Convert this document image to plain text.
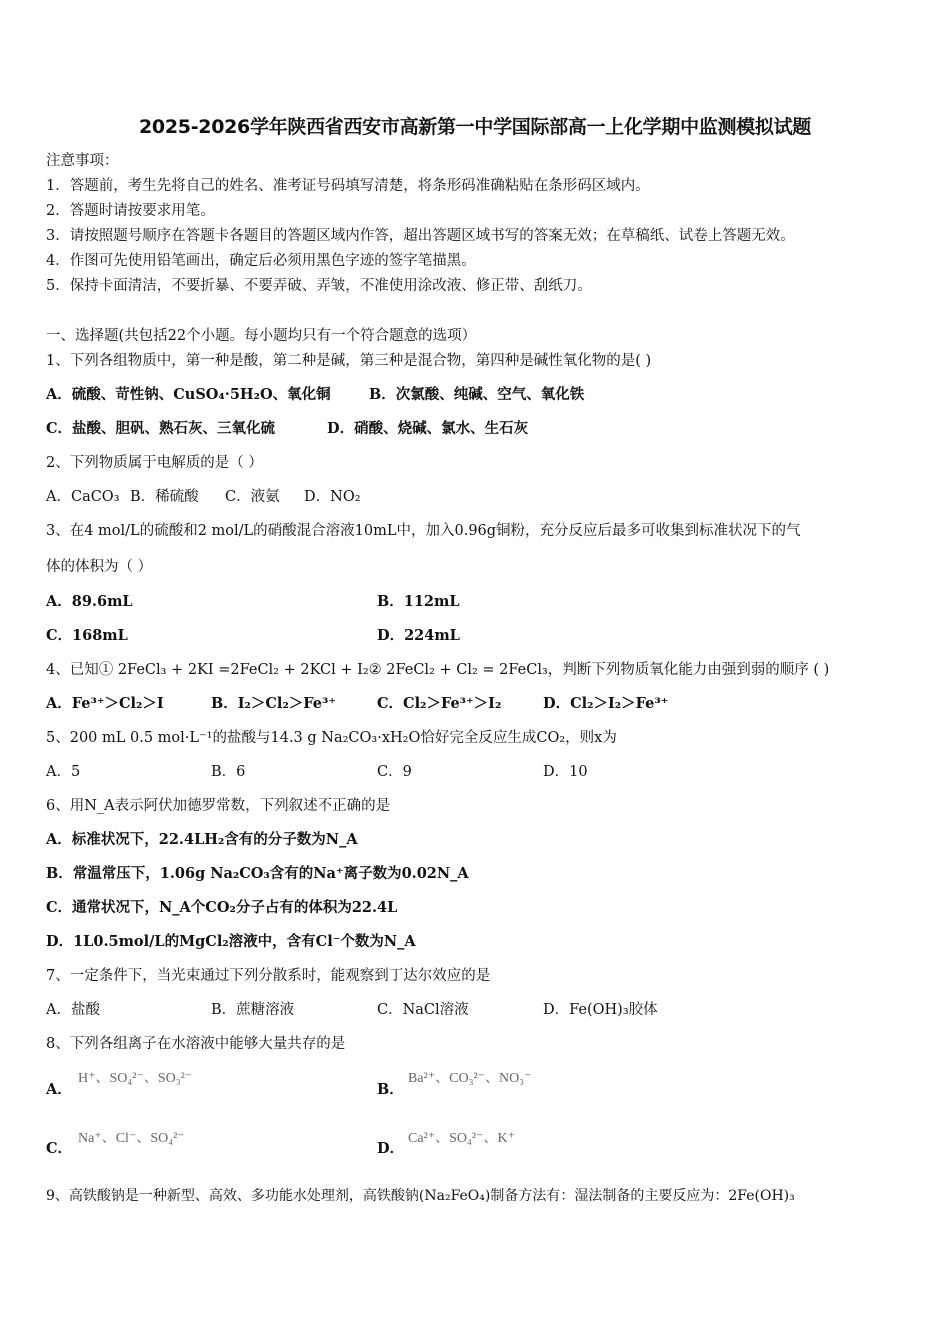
2025-2026学年陕西省西安市高新第一中学国际部高一上化学期中监测模拟试题
注意事项：
1．答题前，考生先将自己的姓名、准考证号码填写清楚，将条形码准确粘贴在条形码区域内。
2．答题时请按要求用笔。
3．请按照题号顺序在答题卡各题目的答题区域内作答，超出答题区域书写的答案无效；在草稿纸、试卷上答题无效。
4．作图可先使用铅笔画出，确定后必须用黑色字迹的签字笔描黑。
5．保持卡面清洁，不要折暴、不要弄破、弄皱，不准使用涂改液、修正带、刮纸刀。
一、选择题(共包括22个小题。每小题均只有一个符合题意的选项）
1、下列各组物质中，第一种是酸，第二种是碱，第三种是混合物，第四种是碱性氧化物的是( )
A．硫酸、苛性钠、CuSO₄·5H₂O、氧化铜	B．次氯酸、纯碱、空气、氧化铁
C．盐酸、胆矾、熟石灰、三氧化硫	D．硝酸、烧碱、氯水、生石灰
2、下列物质属于电解质的是（ ）
A．CaCO₃ B．稀硫酸 C．液氨 D．NO₂
3、在4 mol/L的硫酸和2 mol/L的硝酸混合溶液10mL中，加入0.96g铜粉，充分反应后最多可收集到标准状况下的气
体的体积为（ ）
A．89.6mL	B．112mL
C．168mL	D．224mL
4、已知① 2FeCl₃ + 2KI =2FeCl₂ + 2KCl + I₂② 2FeCl₂ + Cl₂ = 2FeCl₃，判断下列物质氧化能力由强到弱的顺序 ( )
A．Fe³⁺＞Cl₂＞I	B．I₂＞Cl₂＞Fe³⁺	C．Cl₂＞Fe³⁺＞I₂	D．Cl₂＞I₂＞Fe³⁺
5、200 mL 0.5 mol·L⁻¹的盐酸与14.3 g Na₂CO₃·xH₂O恰好完全反应生成CO₂，则x为
A．5	B．6	C．9	D．10
6、用N_A表示阿伏加德罗常数，下列叙述不正确的是
A．标准状况下，22.4LH₂含有的分子数为N_A
B．常温常压下，1.06g Na₂CO₃含有的Na⁺离子数为0.02N_A
C．通常状况下，N_A个CO₂分子占有的体积为22.4L
D．1L0.5mol/L的MgCl₂溶液中，含有Cl⁻个数为N_A
7、一定条件下，当光束通过下列分散系时，能观察到丁达尔效应的是
A．盐酸	B．蔗糖溶液	C．NaCl溶液	D．Fe(OH)₃胶体
8、下列各组离子在水溶液中能够大量共存的是
A．
H⁺、SO₄²⁻、SO₃²⁻
B．
Ba²⁺、CO₃²⁻、NO₃⁻
C．
Na⁺、Cl⁻、SO₄²⁻
D．
Ca²⁺、SO₄²⁻、K⁺
9、高铁酸钠是一种新型、高效、多功能水处理剂，高铁酸钠(Na₂FeO₄)制备方法有：湿法制备的主要反应为：2Fe(OH)₃
